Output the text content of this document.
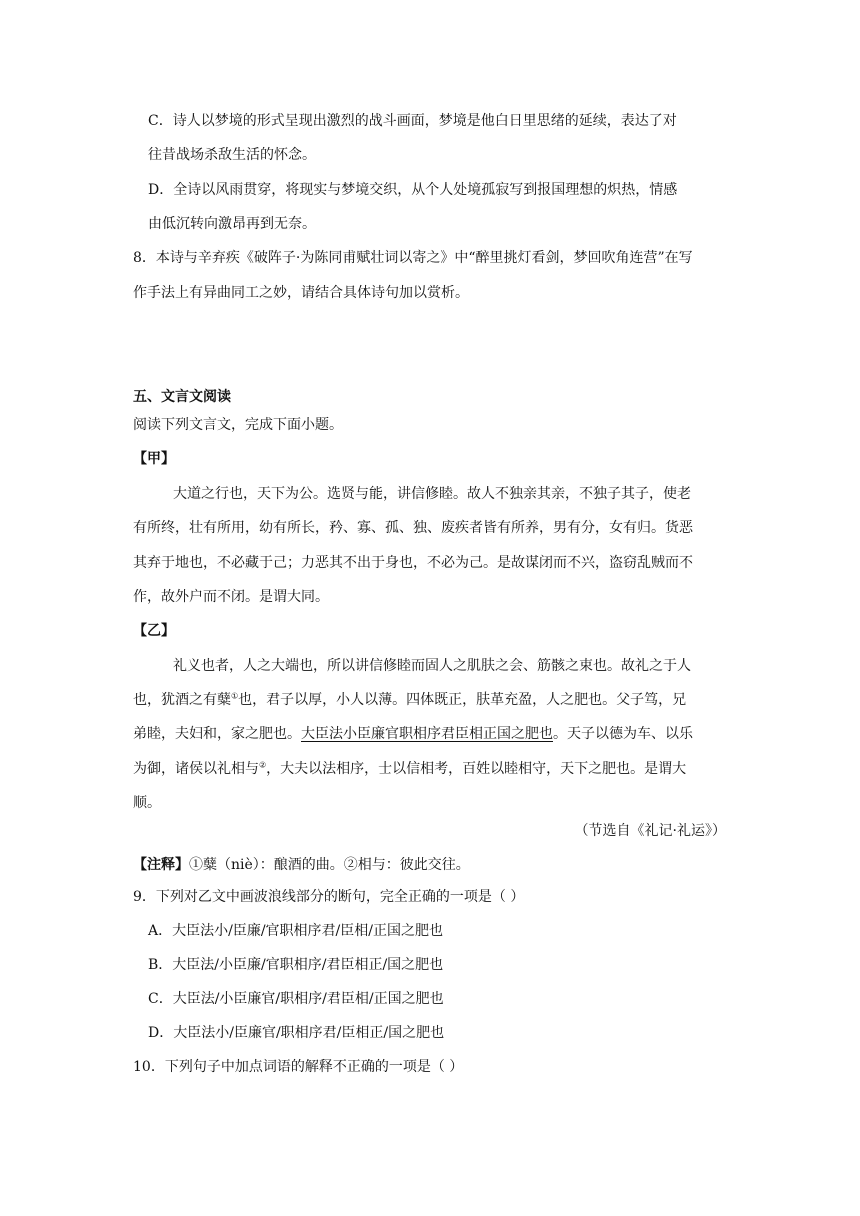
C．诗人以梦境的形式呈现出激烈的战斗画面，梦境是他白日里思绪的延续，表达了对
往昔战场杀敌生活的怀念。
D．全诗以风雨贯穿，将现实与梦境交织，从个人处境孤寂写到报国理想的炽热，情感
由低沉转向激昂再到无奈。
8．本诗与辛弃疾《破阵子·为陈同甫赋壮词以寄之》中“醉里挑灯看剑，梦回吹角连营”在写
作手法上有异曲同工之妙，请结合具体诗句加以赏析。
五、文言文阅读
阅读下列文言文，完成下面小题。
【甲】
大道之行也，天下为公。选贤与能，讲信修睦。故人不独亲其亲，不独子其子，使老
有所终，壮有所用，幼有所长，矜、寡、孤、独、废疾者皆有所养，男有分，女有归。货恶
其弃于地也，不必藏于己；力恶其不出于身也，不必为己。是故谋闭而不兴，盗窃乱贼而不
作，故外户而不闭。是谓大同。
【乙】
礼义也者，人之大端也，所以讲信修睦而固人之肌肤之会、筋骸之束也。故礼之于人
也，犹酒之有糵①也，君子以厚，小人以薄。四体既正，肤革充盈，人之肥也。父子笃，兄
弟睦，夫妇和，家之肥也。大臣法小臣廉官职相序君臣相正国之肥也。天子以德为车、以乐
为御，诸侯以礼相与②，大夫以法相序，士以信相考，百姓以睦相守，天下之肥也。是谓大
顺。
（节选自《礼记·礼运》）
【注释】①糵（niè）：酿酒的曲。②相与：彼此交往。
9．下列对乙文中画波浪线部分的断句，完全正确的一项是（ ）
A．大臣法小/臣廉/官职相序君/臣相/正国之肥也
B．大臣法/小臣廉/官职相序/君臣相正/国之肥也
C．大臣法/小臣廉官/职相序/君臣相/正国之肥也
D．大臣法小/臣廉官/职相序君/臣相正/国之肥也
10．下列句子中加点词语的解释不正确的一项是（ ）
